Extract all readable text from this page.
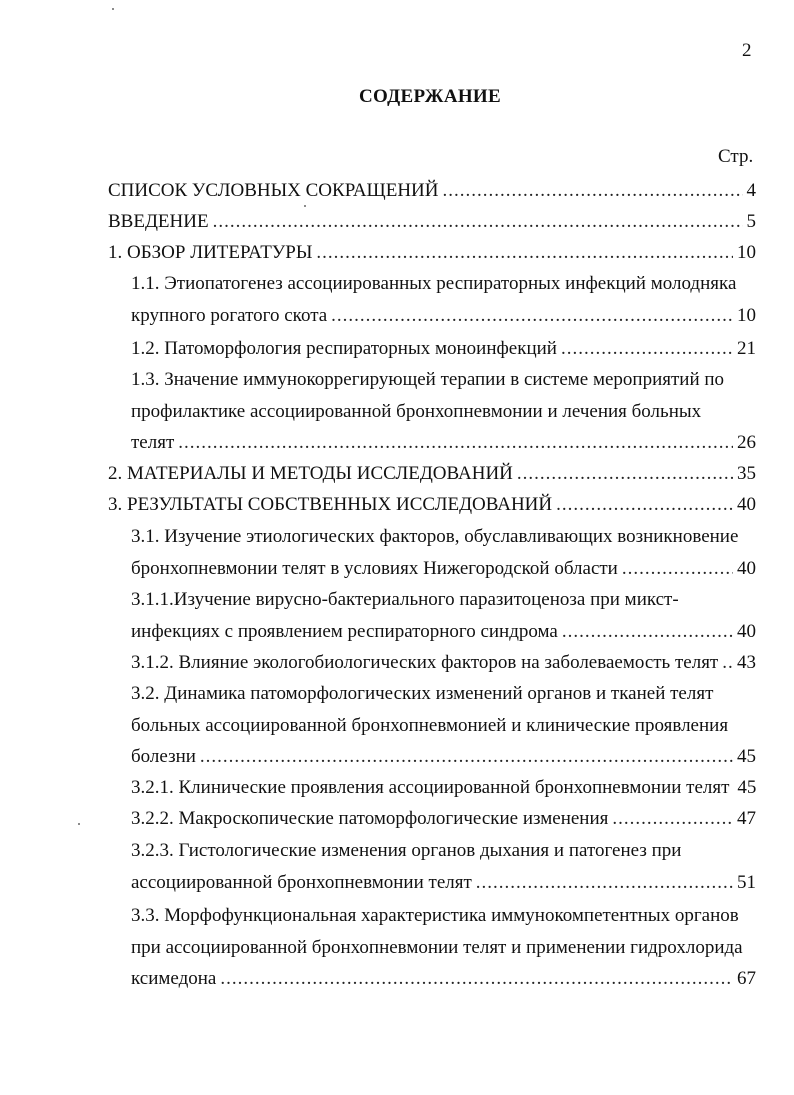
2
СОДЕРЖАНИЕ
Стр.
СПИСОК УСЛОВНЫХ СОКРАЩЕНИЙ .....	4
ВВЕДЕНИЕ .....	5
1. ОБЗОР ЛИТЕРАТУРЫ .....	10
1.1. Этиопатогенез ассоциированных респираторных инфекций молодняка
крупного рогатого скота .....	10
1.2. Патоморфология респираторных моноинфекций .....	21
1.3. Значение иммунокоррегирующей терапии в системе мероприятий по
профилактике ассоциированной бронхопневмонии и лечения больных
телят .....	26
2. МАТЕРИАЛЫ И МЕТОДЫ ИССЛЕДОВАНИЙ .....	35
3. РЕЗУЛЬТАТЫ СОБСТВЕННЫХ ИССЛЕДОВАНИЙ .....	40
3.1. Изучение этиологических факторов, обуславливающих возникновение
бронхопневмонии телят в условиях Нижегородской области .....	40
3.1.1.Изучение вирусно-бактериального паразитоценоза при микст-
инфекциях с проявлением респираторного синдрома .....	40
3.1.2. Влияние экологобиологических факторов на заболеваемость телят ..... 43
3.2. Динамика патоморфологических изменений органов и тканей телят
больных ассоциированной бронхопневмонией и клинические проявления
болезни .....	45
3.2.1. Клинические проявления ассоциированной бронхопневмонии телят 45
3.2.2. Макроскопические патоморфологические изменения .....	47
3.2.3. Гистологические изменения органов дыхания и патогенез при
ассоциированной бронхопневмонии телят .....	51
3.3. Морфофункциональная характеристика иммунокомпетентных органов
при ассоциированной бронхопневмонии телят и применении гидрохлорида
ксимедона .....	67
